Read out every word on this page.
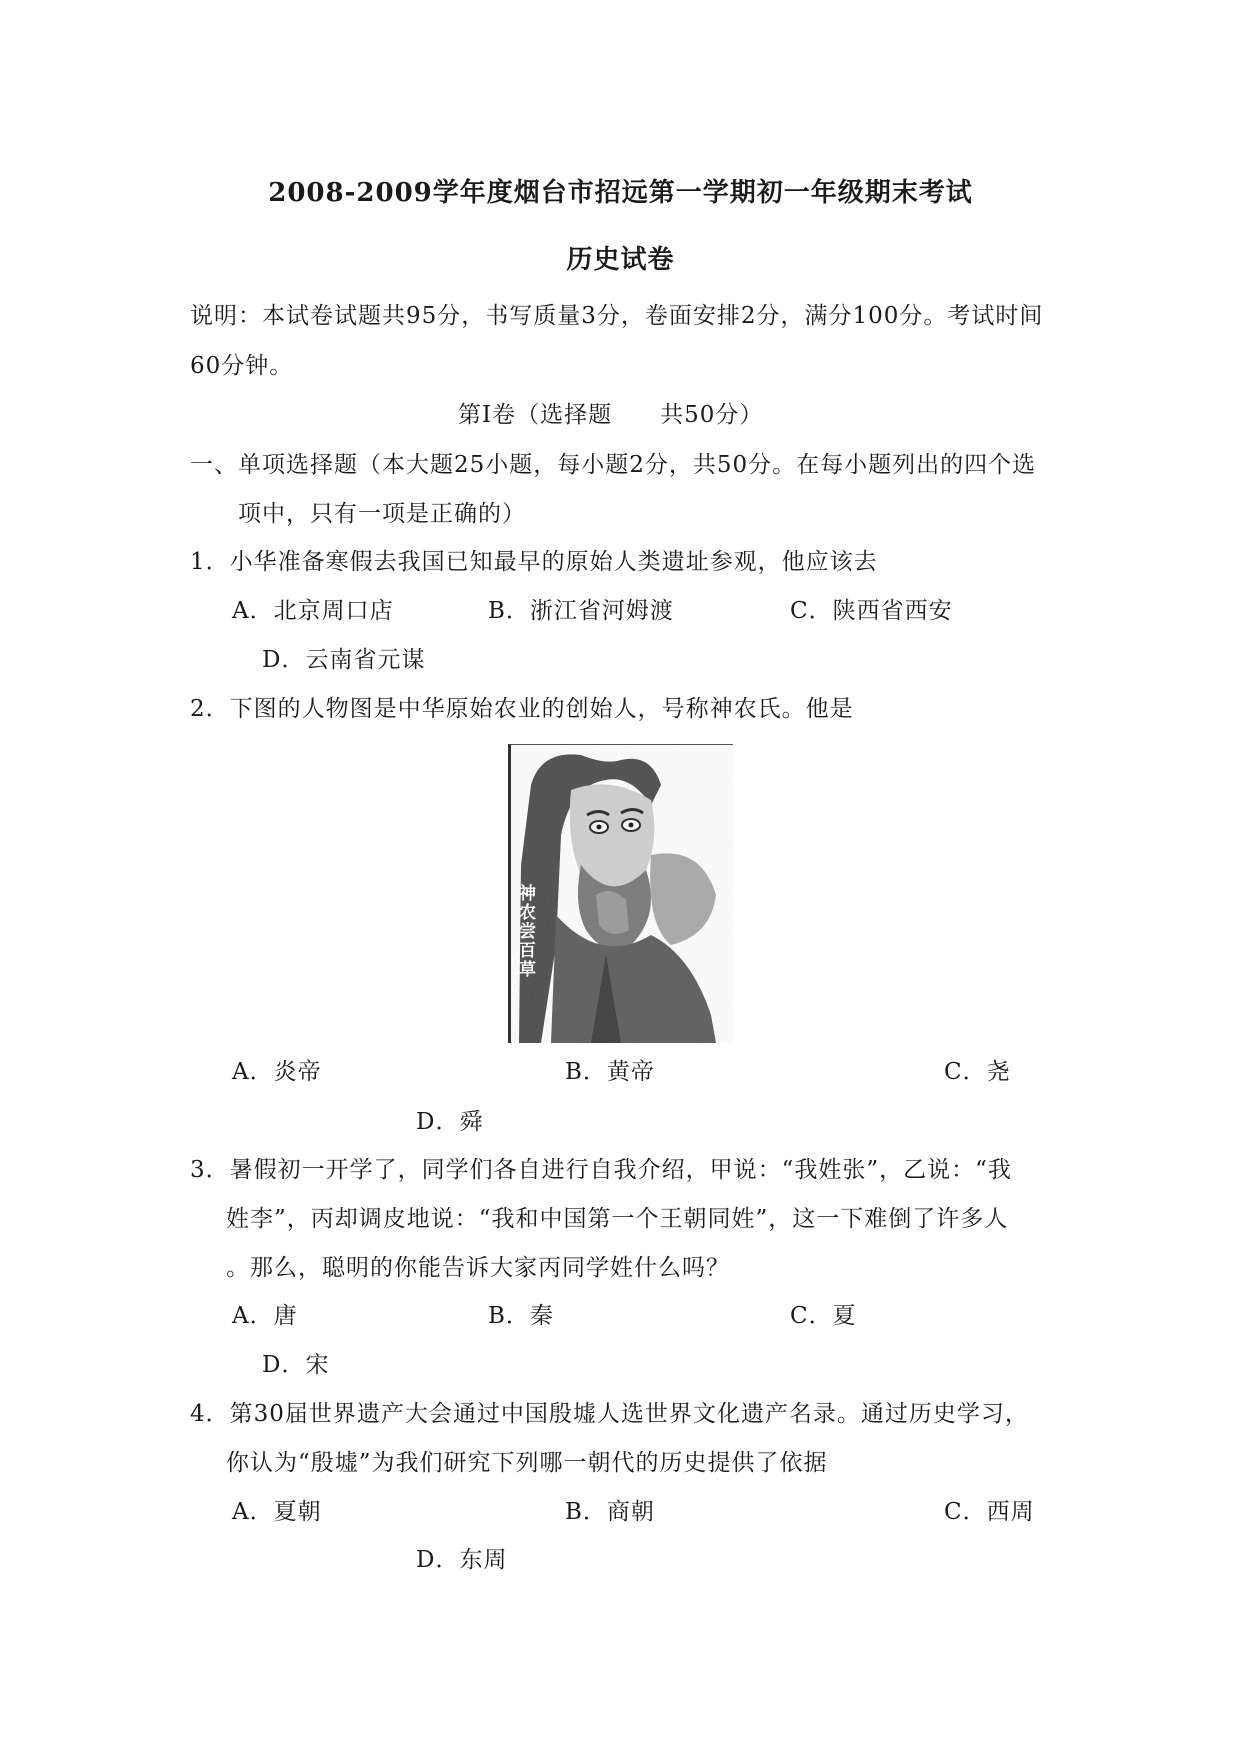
2008-2009学年度烟台市招远第一学期初一年级期末考试
历史试卷
说明：本试卷试题共95分，书写质量3分，卷面安排2分，满分100分。考试时间
60分钟。
第Ⅰ卷（选择题　　共50分）
一、单项选择题（本大题25小题，每小题2分，共50分。在每小题列出的四个选
项中，只有一项是正确的）
1．小华准备寒假去我国已知最早的原始人类遗址参观，他应该去
A．北京周口店	B．浙江省河姆渡	C．陕西省西安
D．云南省元谋
2．下图的人物图是中华原始农业的创始人，号称神农氏。他是
神农尝百草
A．炎帝	B．黄帝	C．尧
D．舜
3．暑假初一开学了，同学们各自进行自我介绍，甲说：“我姓张”，乙说：“我
姓李”，丙却调皮地说：“我和中国第一个王朝同姓”，这一下难倒了许多人
。那么，聪明的你能告诉大家丙同学姓什么吗？
A．唐	B．秦	C．夏
D．宋
4．第30届世界遗产大会通过中国殷墟人选世界文化遗产名录。通过历史学习，
你认为“殷墟”为我们研究下列哪一朝代的历史提供了依据
A．夏朝	B．商朝	C．西周
D．东周
